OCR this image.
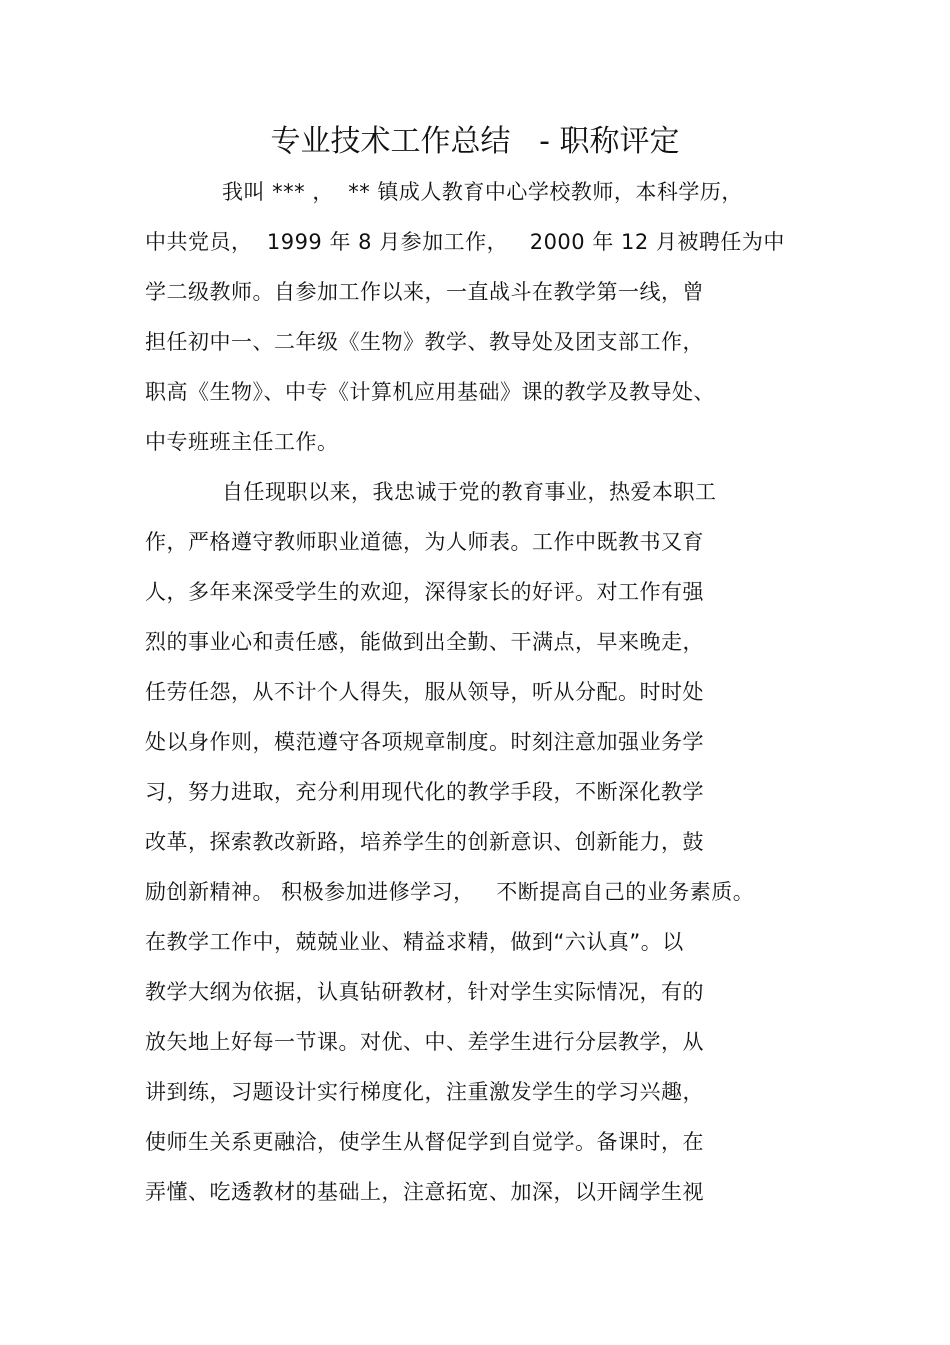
专业技术工作总结   - 职称评定
我叫 *** ，  ** 镇成人教育中心学校教师，本科学历，
中共党员，  1999 年 8 月参加工作，   2000 年 12 月被聘任为中
学二级教师。自参加工作以来，一直战斗在教学第一线，曾
担任初中一、二年级《生物》教学、教导处及团支部工作，
职高《生物》、中专《计算机应用基础》课的教学及教导处、
中专班班主任工作。
自任现职以来，我忠诚于党的教育事业，热爱本职工
作，严格遵守教师职业道德，为人师表。工作中既教书又育
人，多年来深受学生的欢迎，深得家长的好评。对工作有强
烈的事业心和责任感，能做到出全勤、干满点，早来晚走，
任劳任怨，从不计个人得失，服从领导，听从分配。时时处
处以身作则，模范遵守各项规章制度。时刻注意加强业务学
习，努力进取，充分利用现代化的教学手段，不断深化教学
改革，探索教改新路，培养学生的创新意识、创新能力，鼓
励创新精神。 积极参加进修学习，   不断提高自己的业务素质。
在教学工作中，兢兢业业、精益求精，做到“六认真”。以
教学大纲为依据，认真钻研教材，针对学生实际情况，有的
放矢地上好每一节课。对优、中、差学生进行分层教学，从
讲到练，习题设计实行梯度化，注重激发学生的学习兴趣，
使师生关系更融洽，使学生从督促学到自觉学。备课时，在
弄懂、吃透教材的基础上，注意拓宽、加深，以开阔学生视
